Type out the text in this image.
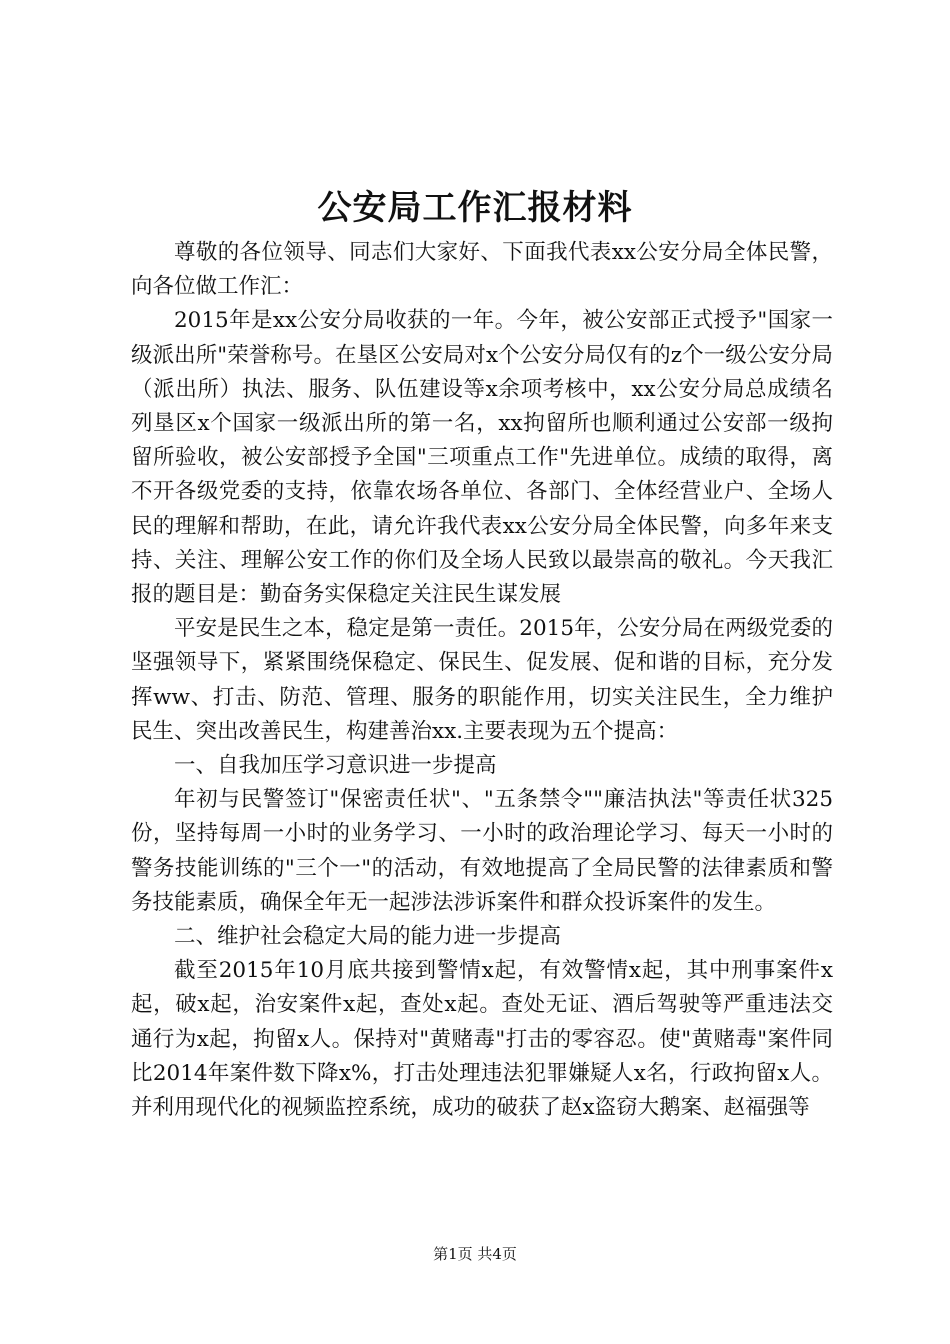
公安局工作汇报材料

尊敬的各位领导、同志们大家好、下面我代表xx公安分局全体民警，向各位做工作汇：

2015年是xx公安分局收获的一年。今年，被公安部正式授予"国家一级派出所"荣誉称号。在垦区公安局对x个公安分局仅有的z个一级公安分局（派出所）执法、服务、队伍建设等x余项考核中，xx公安分局总成绩名列垦区x个国家一级派出所的第一名，xx拘留所也顺利通过公安部一级拘留所验收，被公安部授予全国"三项重点工作"先进单位。成绩的取得，离不开各级党委的支持，依靠农场各单位、各部门、全体经营业户、全场人民的理解和帮助，在此，请允许我代表xx公安分局全体民警，向多年来支持、关注、理解公安工作的你们及全场人民致以最崇高的敬礼。今天我汇报的题目是：勤奋务实保稳定关注民生谋发展

平安是民生之本，稳定是第一责任。2015年，公安分局在两级党委的坚强领导下，紧紧围绕保稳定、保民生、促发展、促和谐的目标，充分发挥ww、打击、防范、管理、服务的职能作用，切实关注民生，全力维护民生、突出改善民生，构建善治xx.主要表现为五个提高：

一、自我加压学习意识进一步提高

年初与民警签订"保密责任状"、"五条禁令""廉洁执法"等责任状325份，坚持每周一小时的业务学习、一小时的政治理论学习、每天一小时的警务技能训练的"三个一"的活动，有效地提高了全局民警的法律素质和警务技能素质，确保全年无一起涉法涉诉案件和群众投诉案件的发生。

二、维护社会稳定大局的能力进一步提高

截至2015年10月底共接到警情x起，有效警情x起，其中刑事案件x起，破x起，治安案件x起，查处x起。查处无证、酒后驾驶等严重违法交通行为x起，拘留x人。保持对"黄赌毒"打击的零容忍。使"黄赌毒"案件同比2014年案件数下降x%，打击处理违法犯罪嫌疑人x名，行政拘留x人。并利用现代化的视频监控系统，成功的破获了赵x盗窃大鹅案、赵福强等

第1页 共4页
